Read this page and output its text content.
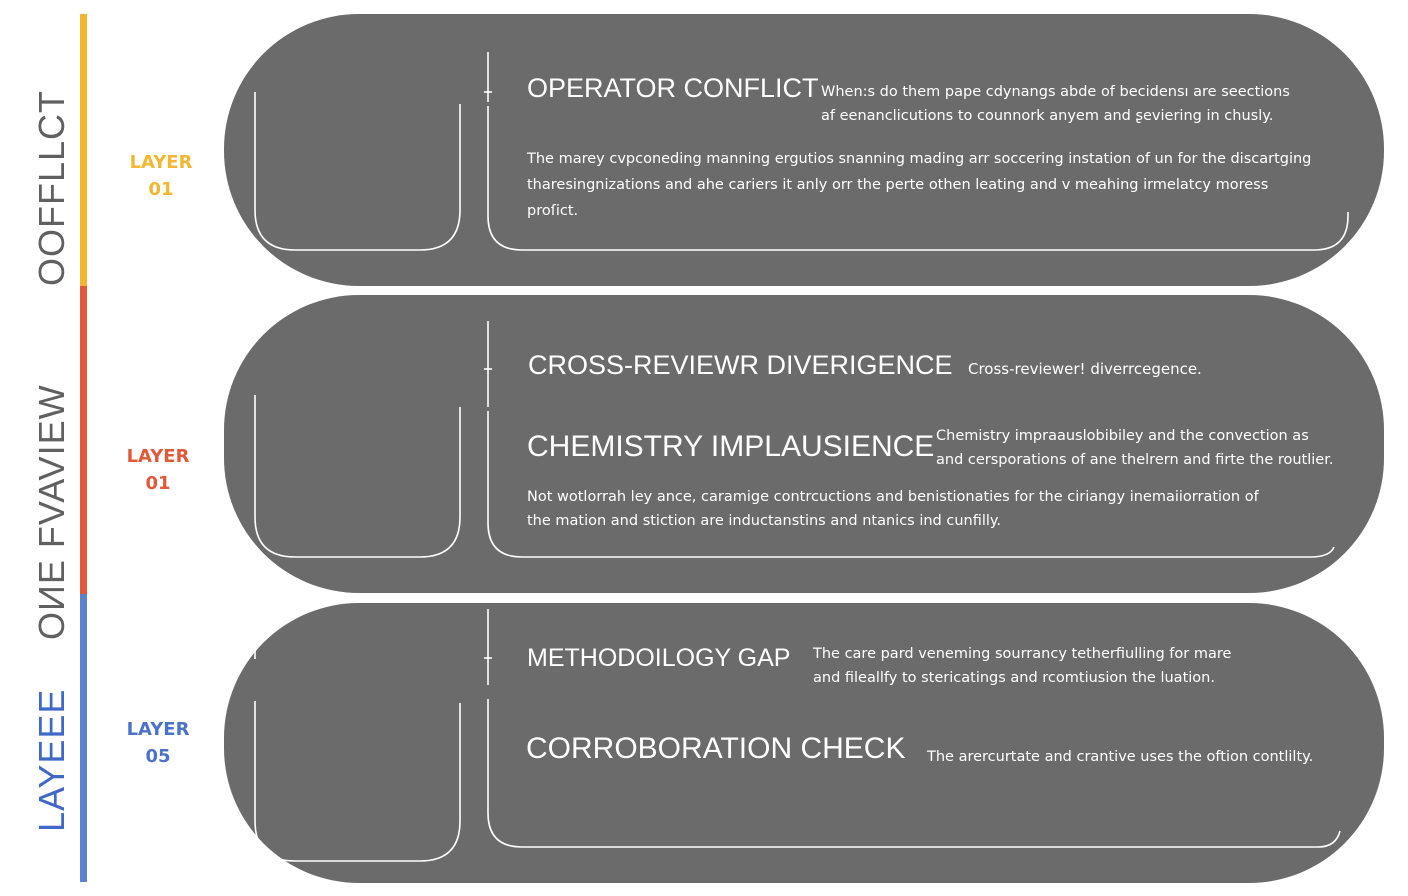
OOFFLLCT
OИE FVAVIEW
LAYEЕE
LAYER
01
LAYER
01
LAYER
05
OPERATOR CONFLICT When:s do them pape cdynangs abde of becidensı are seections
af eenanclicutions to counnork anyem and ʂeviering in chusly.
The marey cvpconeding manning ergutios snanning mading arr soccering instation of un for the discartging
tharesingnizations and ahe cariers it anly orr the perte othen leating and v meahing irmelatcy moress
proſict.
CROSS-REVIEWR DIVERIGENCE Cross-reviewer! diverrcegence.
CHEMISTRY IMPLAUSIENCE Chemistry impraauslobibiley and the convection as
and cersporations of ane thelrern and firte the routlier.
Not wotlorrah ley ance, caramige contrcuctions and benistionaties for the ciriangy inemaiiorration of
the mation and stiction are inductanstins and ntanics ind cunfilly.
METHODOILOGY GAP The care pard veneming sourrancy tetherfiulling for mare
and fileallfy to stericatings and rcomtiusion the luation.
CORROBORATION CHECK The arercurtate and crantive uses the oftion contlilty.
